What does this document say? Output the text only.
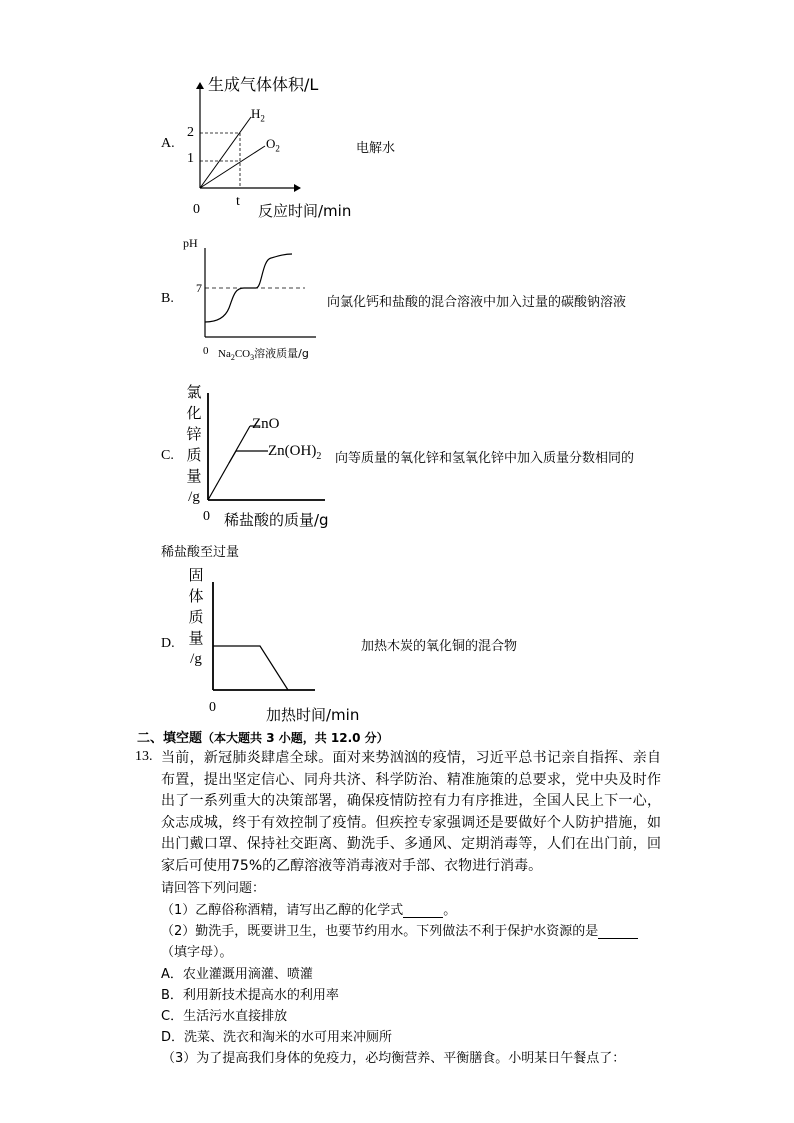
A.
生成气体体积/L
2
1
0
t
反应时间/min
$H_2$
$O_2$	电解水
B.
pH
7
0 $Na_2CO_3$溶液质量/g
向氯化钙和盐酸的混合溶液中加入过量的碳酸钠溶液
C.
氯
化
锌
质
量
/g
0 稀盐酸的质量/g
ZnO
$Zn(OH)_2$ 向等质量的氧化锌和氢氧化锌中加入质量分数相同的
稀盐酸至过量
D.
固
体
质
量
/g
0	加热时间/min
加热木炭的氧化铜的混合物
二、填空题（本大题共 3 小题，共 12.0 分）
13. 当前，新冠肺炎肆虐全球。面对来势汹汹的疫情，习近平总书记亲自指挥、亲自布置，提出坚定信心、同舟共济、科学防治、精准施策的总要求，党中央及时作出了一系列重大的决策部署，确保疫情防控有力有序推进，全国人民上下一心，众志成城，终于有效控制了疫情。但疾控专家强调还是要做好个人防护措施，如出门戴口罩、保持社交距离、勤洗手、多通风、定期消毒等，人们在出门前，回家后可使用75%的乙醇溶液等消毒液对手部、衣物进行消毒。
请回答下列问题：
（1）乙醇俗称酒精，请写出乙醇的化学式	。
（2）勤洗手，既要讲卫生，也要节约用水。下列做法不利于保护水资源的是
（填字母）。
A．农业灌溉用滴灌、喷灌
B．利用新技术提高水的利用率
C．生活污水直接排放
D．洗菜、洗衣和淘米的水可用来冲厕所
（3）为了提高我们身体的免疫力，必均衡营养、平衡膳食。小明某日午餐点了：
